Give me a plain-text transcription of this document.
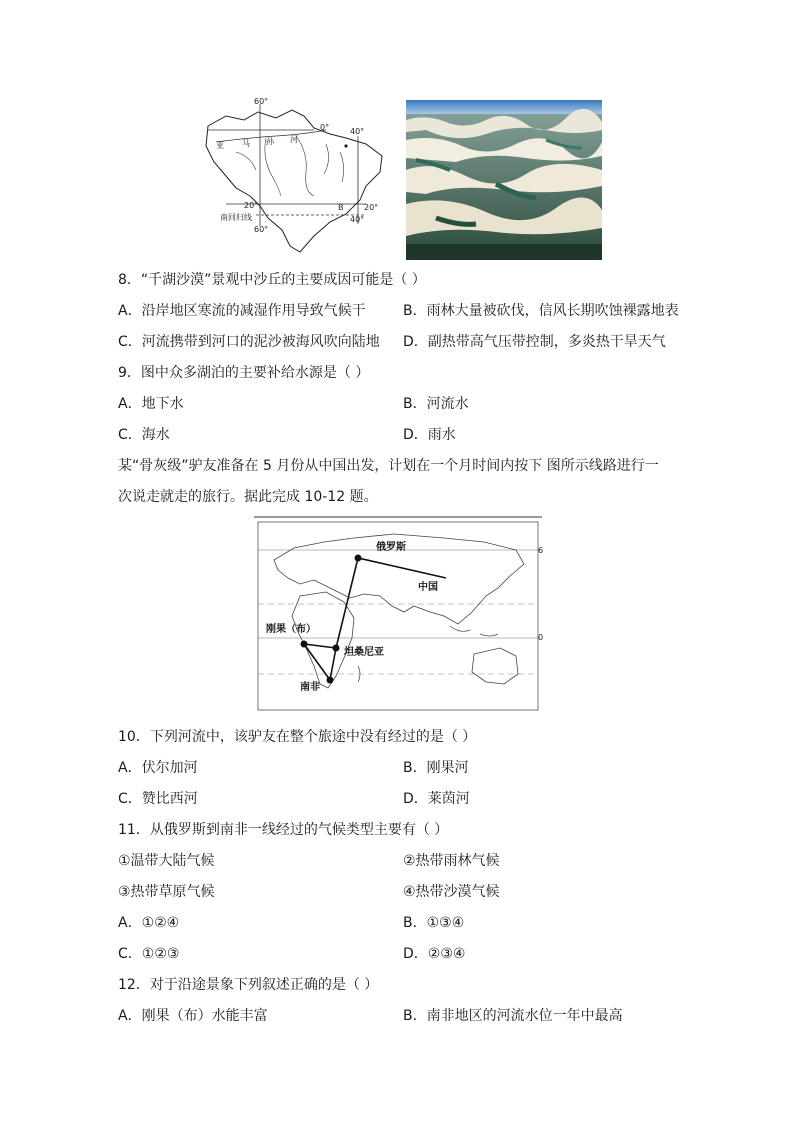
60°
0°	40°
亚 马 孙 河
20°	B	20°
南回归线	40°
60°
8．“千湖沙漠”景观中沙丘的主要成因可能是（ ）
A．沿岸地区寒流的减湿作用导致气候干	B．雨林大量被砍伐，信风长期吹蚀裸露地表
C．河流携带到河口的泥沙被海风吹向陆地 D．副热带高气压带控制，多炎热干旱天气
9．图中众多湖泊的主要补给水源是（ ）
A．地下水	B．河流水
C．海水	D．雨水
某“骨灰级”驴友准备在 5 月份从中国出发，计划在一个月时间内按下 图所示线路进行一
次说走就走的旅行。据此完成 10-12 题。
俄罗斯
中国
刚果（布）
坦桑尼亚
南非
6
0
10．下列河流中，该驴友在整个旅途中没有经过的是（ ）
A．伏尔加河	B．刚果河
C．赞比西河	D．莱茵河
11．从俄罗斯到南非一线经过的气候类型主要有（ ）
①温带大陆气候	②热带雨林气候
③热带草原气候	④热带沙漠气候
A．①②④	B．①③④
C．①②③	D．②③④
12．对于沿途景象下列叙述正确的是（ ）
A．刚果（布）水能丰富	B．南非地区的河流水位一年中最高
